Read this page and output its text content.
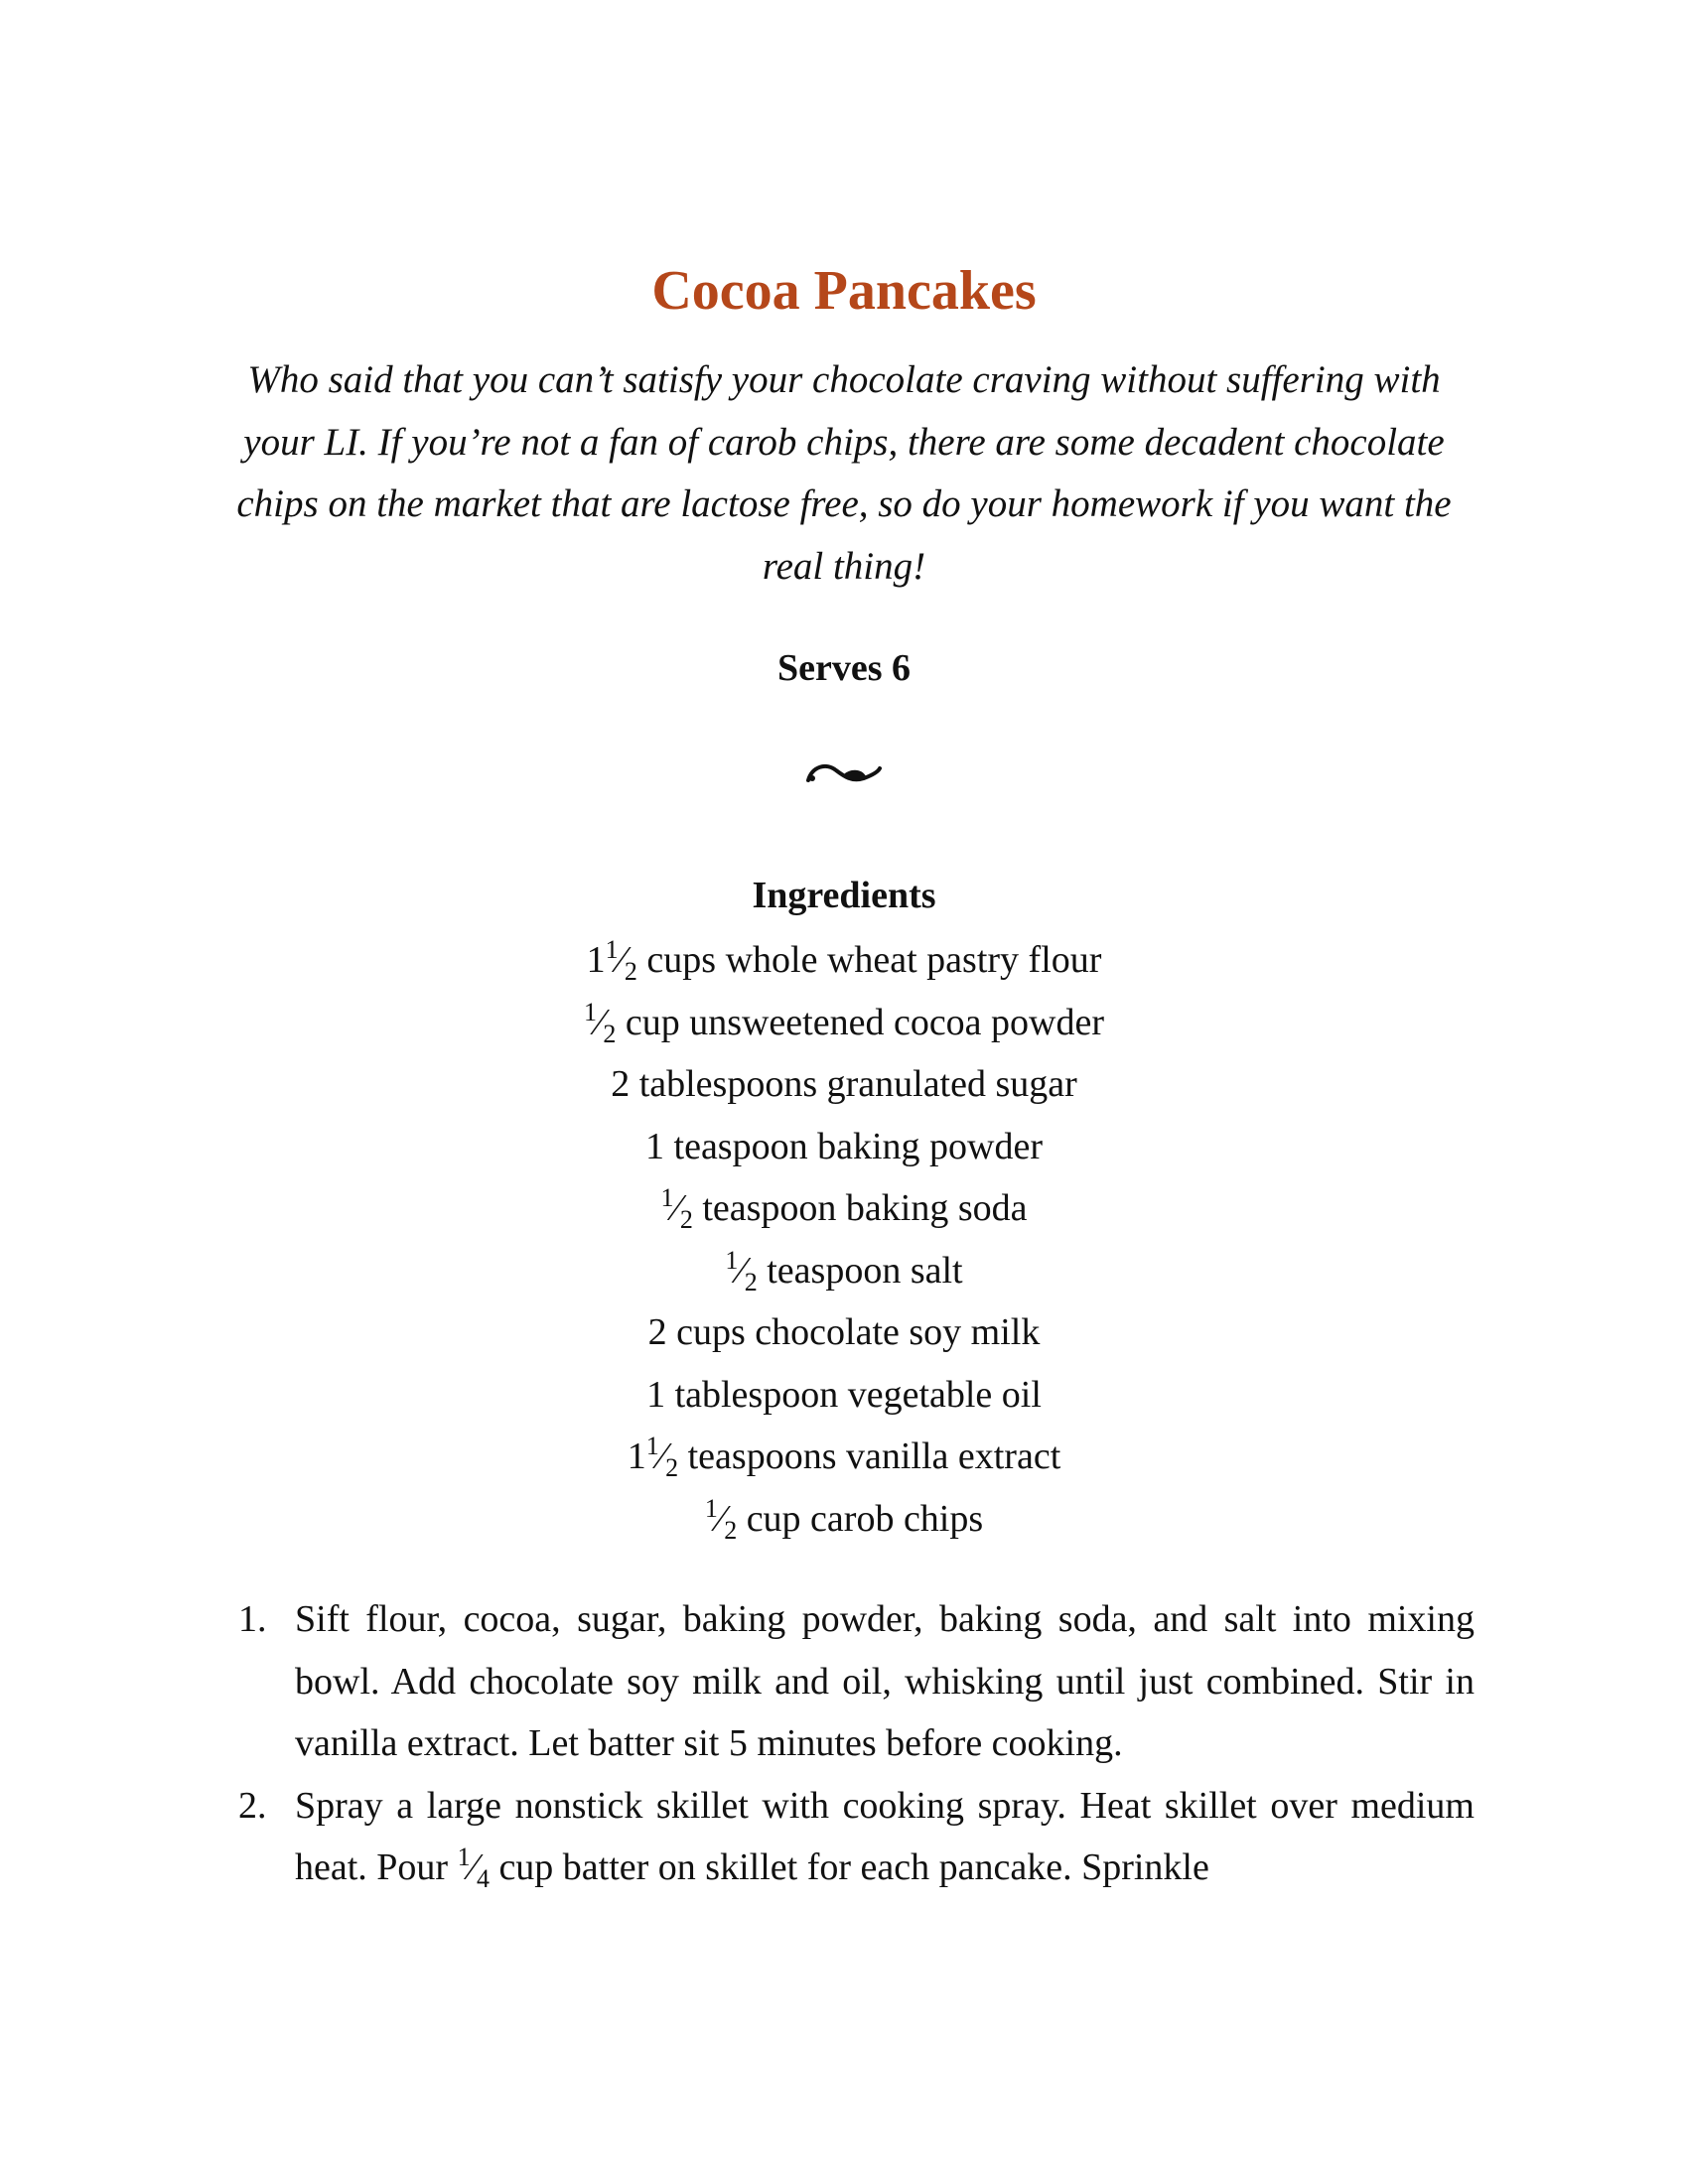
Cocoa Pancakes

Who said that you can’t satisfy your chocolate craving without suffering with your LI. If you’re not a fan of carob chips, there are some decadent chocolate chips on the market that are lactose free, so do your homework if you want the real thing!

Serves 6
Ingredients
$1^1⁄_2$ cups whole wheat pastry flour
$^1⁄_2$ cup unsweetened cocoa powder
2 tablespoons granulated sugar
1 teaspoon baking powder
$^1⁄_2$ teaspoon baking soda
$^1⁄_2$ teaspoon salt
2 cups chocolate soy milk
1 tablespoon vegetable oil
$1^1⁄_2$ teaspoons vanilla extract
$^1⁄_2$ cup carob chips
1. Sift flour, cocoa, sugar, baking powder, baking soda, and salt into mixing bowl. Add chocolate soy milk and oil, whisking until just combined. Stir in vanilla extract. Let batter sit 5 minutes before cooking.
2. Spray a large nonstick skillet with cooking spray. Heat skillet over medium heat. Pour $^1⁄_4$ cup batter on skillet for each pancake. Sprinkle
